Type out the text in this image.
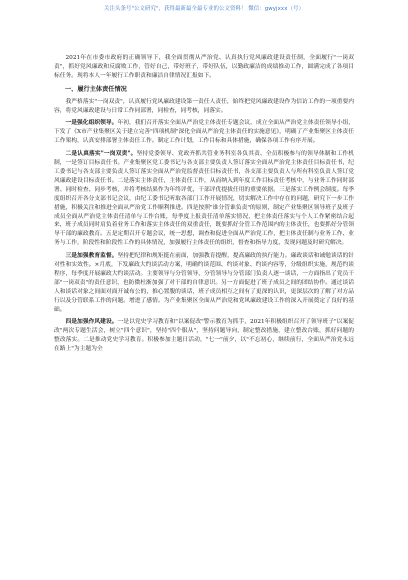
关注头条号"公文研究"，获得最新最全最专业的公文资料！ 微信：gwyjxxx（号）

2021年在市委市政府的正确领导下，我全面贯彻从严治党、认真执行党风廉政建设责任制，全面履行"一岗双责"，抓好党风廉政和反腐败工作，管好自己，带好班子，带好队伍，以勤政廉洁的成绩推动工作，圆满完成了各项目标任务。现将本人一年履行工作职责和廉洁自律情况汇报如下。

一、履行主体责任情况

我严格落实"一岗双责"，认真履行党风廉政建设第一责任人责任，始终把党风廉政建设作为信访工作的一项重要内容，将党风廉政建设与日常工作同部署，同检查，同考核，同落实。

一是强化组织领导。年初，我们召开落实全面从严治党主体责任专题会议，成立全面从严治党主体责任领导小组，下发了《X市产业集聚区关于建立完善"四项机制"深化全面从严治党主体责任的实施意见》，明确了产业集聚区主体责任工作架构，认真安排部署主体责任工作。制定工作计划，工作目标和具体措施，确保各项工作有序开展。

二是认真落实"一岗双责"。坚持党委领导、党政齐抓共管业务科室各负其责、全员积极参与的领导体制和工作机制，一是签订目标责任书。产业集聚区党工委书记与各支部主要负责人签订落实全面从严治党主体责任目标责任书，纪工委书记与各支部主要负责人签订落实全面从严治党监督责任目标责任书，各支部主要负责人与所有科室负责人签订党风廉政建设目标责任书。二是落实主体责任，主体责任工作，从而纳入到年度工作目标责任考核中，与业务工作同时部署、同时检查、同步考核，并将考核结果作为年终评优，干部评优提拔任用的重要依据。三是落实工作例会制度。每季度组织召开各分支部书记会议，由纪工委书记听取各部门工作开展情况，切实解决工作中存在的问题，研究下一步工作措施，积极关注和推进全面从严治党工作顺利推进。四是按照"谁分管谁负责"的原则，制定产业集聚区领导班子及班子成员全面从严治党主体责任清单与工作台账，每季度上报责任清单落实情况，把主体责任落实与个人工作紧密结合起来，班子成员同时肩负着业务工作和落实主体责任的双重责任，既要抓好分管工作范围内的主体责任，也要抓好分管领导干部的廉政教育。五是定期召开专题会议，统一思想，调查和促进全面从严治党工作，把主体责任制与业务工作、业务与工作，阶段性和阶段性工作的具体情况，加强履行主体责任的组织，督查和指导力度，发现问题及时研究解决。

三是加强教育监督。坚持把纪律和规矩挺在前面，加强教育提醒，提高廉政的执行能力。廉政谈话和诫勉谈话的针对性和实效性。×月底，下发廉政大约谈活动方案，明确约谈范围、约谈对象、约谈内容等，分级组织实施，规范约谈程序，每季度开展廉政大约谈活动。主要领导与分管领导，分管领导与分管部门负责人逐一谈话，一方面指出了党员干部"一岗双责"的责任意识，也防微杜渐加强了对干部的自律意识。另一方面促进了班子成员之间的团结协作。通过谈话人和谈话对象之间面对面开诚布公的，推心置腹的谈话，班子成员相互之间有了更深的认识，更深层次的了解了对方品行以及分管联系工作的问题。增进了感情。为产业集聚区全面从严治党和党风廉政建设工作的深入开展奠定了良好的基础。

四是加强作风建设。一是以党史学习教育和"以案促改"警示教育为抓手，2021年积极组织召开了领导班子"以案促改"两次专题生活会，树立"四个意识"，坚持"四个服从"，坚持问题导向，制定整改措施，建立整改台账，抓好问题的整改落实。二是推动党史学习教育。积极参加主题日活动，"七一"前夕，以"不忘初心，继续前行，全面从严治党永远在路上"为主题为全
